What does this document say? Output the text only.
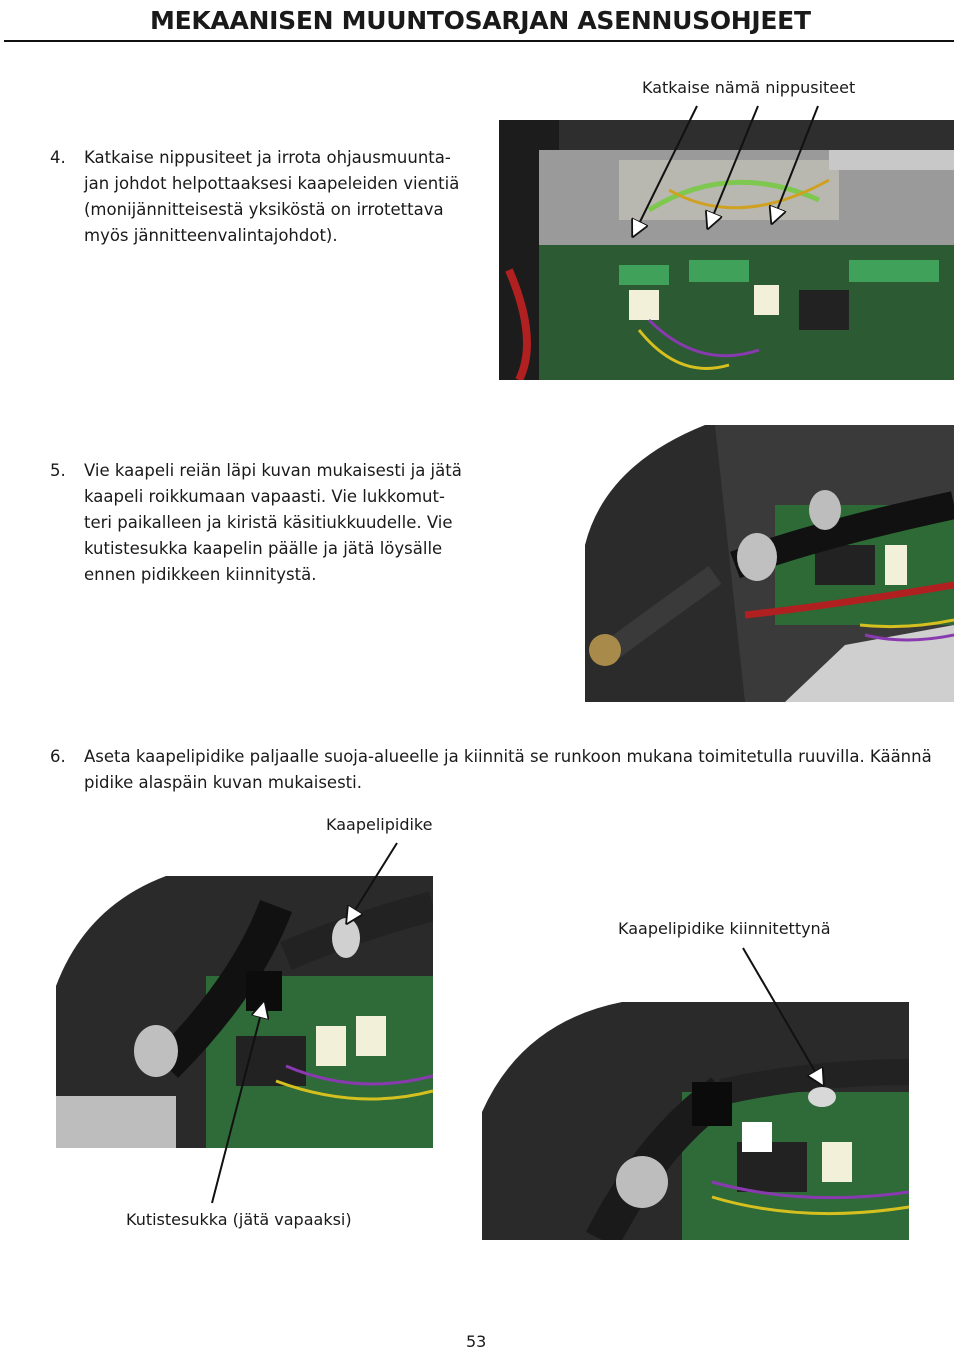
MEKAANISEN MUUNTOSARJAN ASENNUSOHJEET
Katkaise nämä nippusiteet
4. Katkaise nippusiteet ja irrota ohjausmuunta-
jan johdot helpottaaksesi kaapeleiden vientiä
(monijännitteisestä yksiköstä on irrotettava
myös jännitteenvalintajohdot).
5. Vie kaapeli reiän läpi kuvan mukaisesti ja jätä
kaapeli roikkumaan vapaasti. Vie lukkomut-
teri paikalleen ja kiristä käsitiukkuudelle. Vie
kutistesukka kaapelin päälle ja jätä löysälle
ennen pidikkeen kiinnitystä.
6. Aseta kaapelipidike paljaalle suoja-alueelle ja kiinnitä se runkoon mukana toimitetulla ruuvilla. Käännä
pidike alaspäin kuvan mukaisesti.
Kaapelipidike
Kaapelipidike kiinnitettynä
Kutistesukka (jätä vapaaksi)
53
